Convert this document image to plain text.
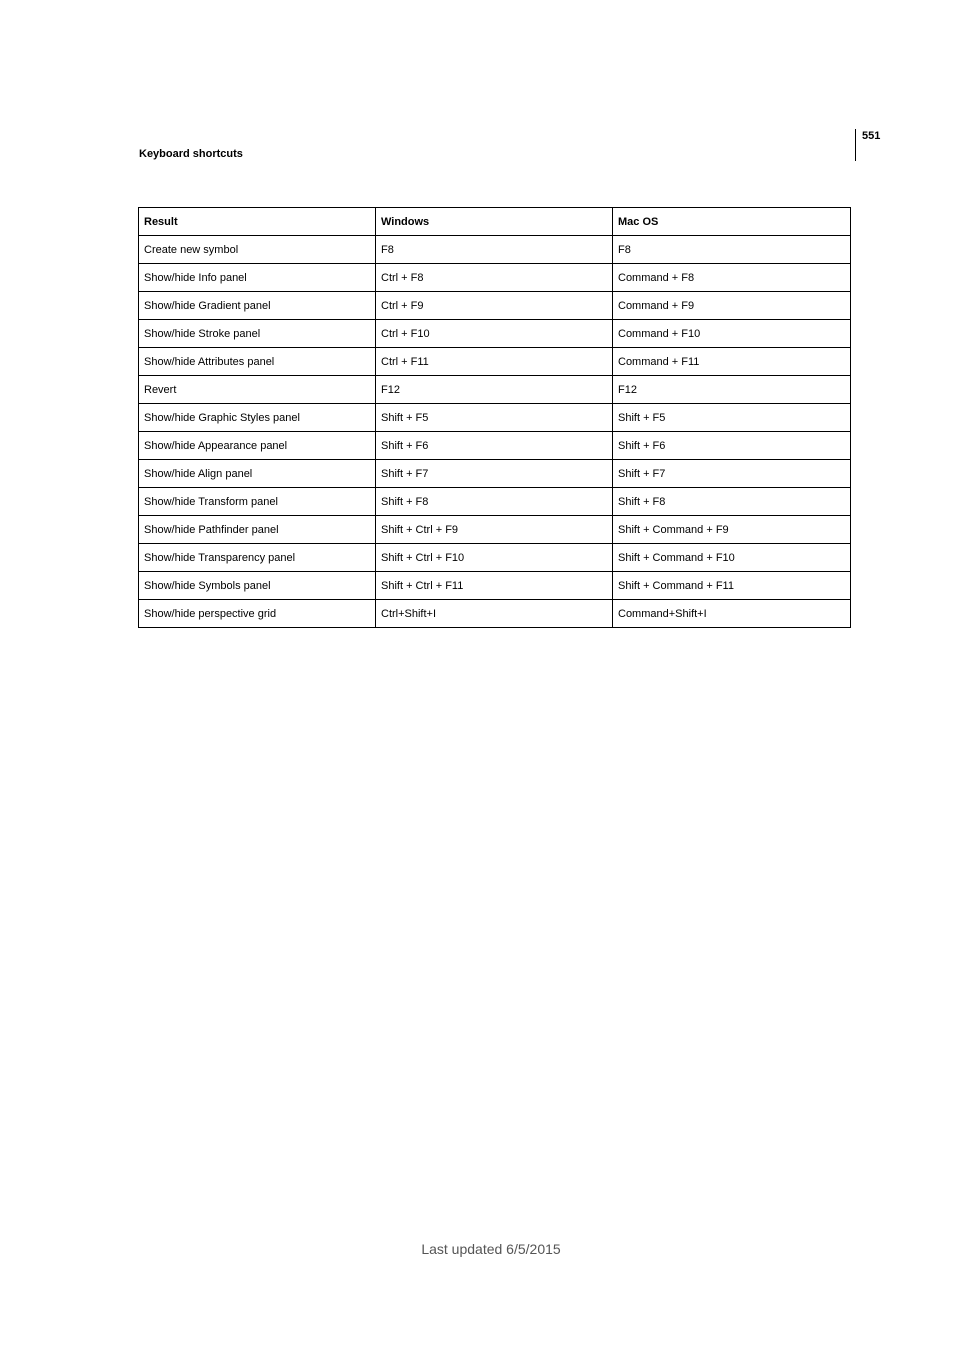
551
Keyboard shortcuts
Result	Windows	Mac OS
Create new symbol	F8	F8
Show/hide Info panel	Ctrl + F8	Command + F8
Show/hide Gradient panel	Ctrl + F9	Command + F9
Show/hide Stroke panel	Ctrl + F10	Command + F10
Show/hide Attributes panel	Ctrl + F11	Command + F11
Revert	F12	F12
Show/hide Graphic Styles panel	Shift + F5	Shift + F5
Show/hide Appearance panel	Shift + F6	Shift + F6
Show/hide Align panel	Shift + F7	Shift + F7
Show/hide Transform panel	Shift + F8	Shift + F8
Show/hide Pathfinder panel	Shift + Ctrl + F9	Shift + Command + F9
Show/hide Transparency panel	Shift + Ctrl + F10	Shift + Command + F10
Show/hide Symbols panel	Shift + Ctrl + F11	Shift + Command + F11
Show/hide perspective grid	Ctrl+Shift+I	Command+Shift+I
Last updated 6/5/2015
